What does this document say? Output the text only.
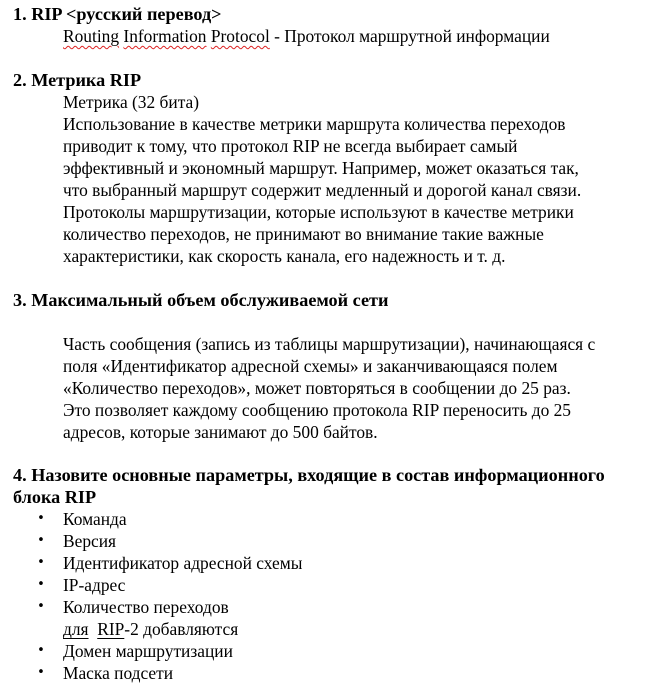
1. RIP <русский перевод>
Routing Information Protocol - Протокол маршрутной информации
2. Метрика RIP
Метрика (32 бита)
Использование в качестве метрики маршрута количества переходов
приводит к тому, что протокол RIP не всегда выбирает самый
эффективный и экономный маршрут. Например, может оказаться так,
что выбранный маршрут содержит медленный и дорогой канал связи.
Протоколы маршрутизации, которые используют в качестве метрики
количество переходов, не принимают во внимание такие важные
характеристики, как скорость канала, его надежность и т. д.
3. Максимальный объем обслуживаемой сети
Часть сообщения (запись из таблицы маршрутизации), начинающаяся с
поля «Идентификатор адресной схемы» и заканчивающаяся полем
«Количество переходов», может повторяться в сообщении до 25 раз.
Это позволяет каждому сообщению протокола RIP переносить до 25
адресов, которые занимают до 500 байтов.
4. Назовите основные параметры, входящие в состав информационного
блока RIP
• Команда
• Версия
• Идентификатор адресной схемы
• IP-адрес
• Количество переходов
для RIP-2 добавляются
• Домен маршрутизации
• Маска подсети
